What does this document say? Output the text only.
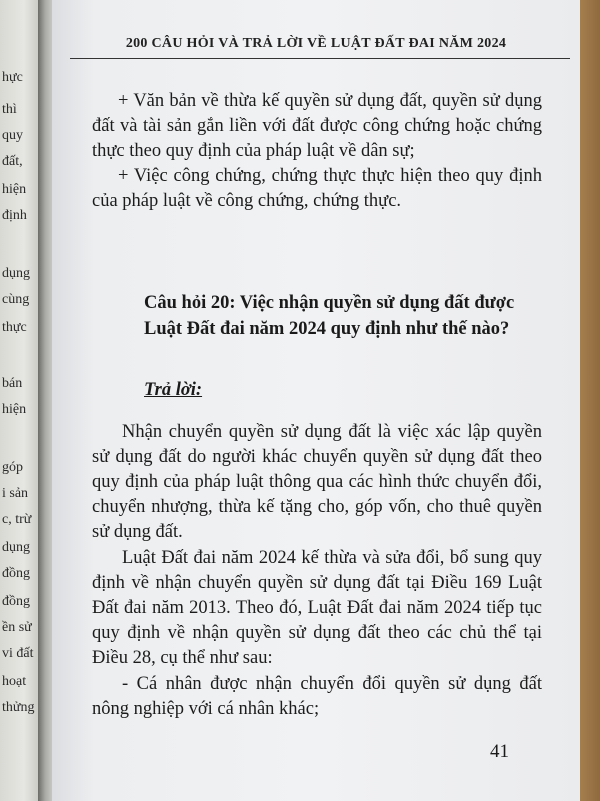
hực
thì
quy
đất,
hiện
định
dụng
cùng
thực
bán
hiện
góp
i sản
c, trừ
dụng
đồng
đồng
ền sử
vi đất
hoạt
thửng
200 CÂU HỎI VÀ TRẢ LỜI VỀ LUẬT ĐẤT ĐAI NĂM 2024
+ Văn bản về thừa kế quyền sử dụng đất, quyền sử dụng đất và tài sản gắn liền với đất được công chứng hoặc chứng thực theo quy định của pháp luật về dân sự;
+ Việc công chứng, chứng thực thực hiện theo quy định của pháp luật về công chứng, chứng thực.
Câu hỏi 20: Việc nhận quyền sử dụng đất được Luật Đất đai năm 2024 quy định như thế nào?
Trả lời:
Nhận chuyển quyền sử dụng đất là việc xác lập quyền sử dụng đất do người khác chuyển quyền sử dụng đất theo quy định của pháp luật thông qua các hình thức chuyển đổi, chuyển nhượng, thừa kế tặng cho, góp vốn, cho thuê quyền sử dụng đất.
Luật Đất đai năm 2024 kế thừa và sửa đổi, bổ sung quy định về nhận chuyển quyền sử dụng đất tại Điều 169 Luật Đất đai năm 2013. Theo đó, Luật Đất đai năm 2024 tiếp tục quy định về nhận quyền sử dụng đất theo các chủ thể tại Điều 28, cụ thể như sau:
- Cá nhân được nhận chuyển đổi quyền sử dụng đất nông nghiệp với cá nhân khác;
41
